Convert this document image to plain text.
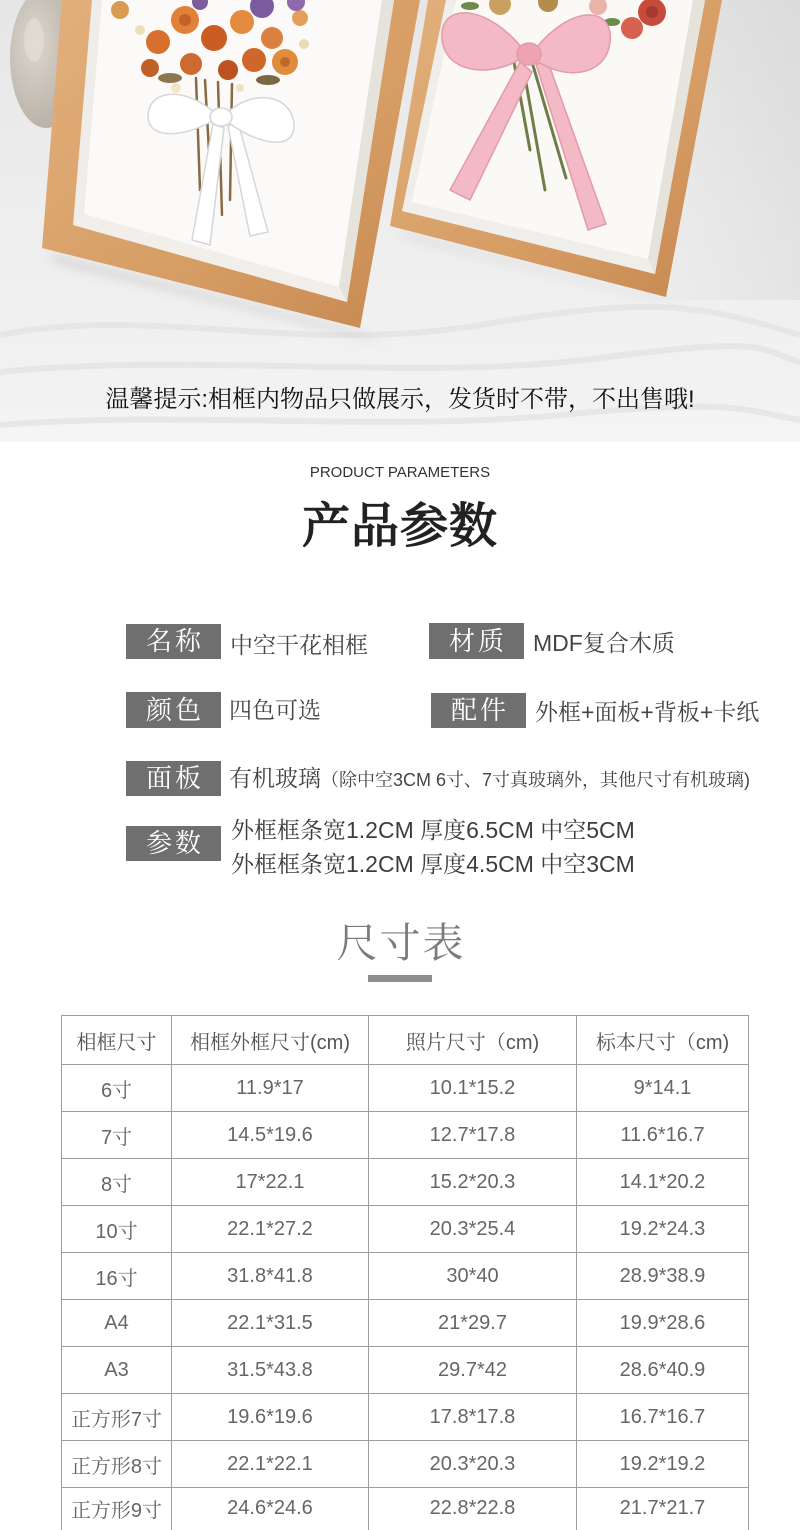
温馨提示:相框内物品只做展示，发货时不带，不出售哦!

PRODUCT PARAMETERS
产品参数
名称	中空干花相框	材质	MDF复合木质
颜色	四色可选	配件	外框+面板+背板+卡纸
面板	有机玻璃（除中空3CM 6寸、7寸真玻璃外，其他尺寸有机玻璃)
参数	外框框条宽1.2CM 厚度6.5CM 中空5CM
外框框条宽1.2CM 厚度4.5CM 中空3CM
尺寸表
相框尺寸	相框外框尺寸(cm)	照片尺寸（cm)	标本尺寸（cm)
6寸	11.9*17	10.1*15.2	9*14.1
7寸	14.5*19.6	12.7*17.8	11.6*16.7
8寸	17*22.1	15.2*20.3	14.1*20.2
10寸	22.1*27.2	20.3*25.4	19.2*24.3
16寸	31.8*41.8	30*40	28.9*38.9
A4	22.1*31.5	21*29.7	19.9*28.6
A3	31.5*43.8	29.7*42	28.6*40.9
正方形7寸	19.6*19.6	17.8*17.8	16.7*16.7
正方形8寸	22.1*22.1	20.3*20.3	19.2*19.2
正方形9寸	24.6*24.6	22.8*22.8	21.7*21.7
